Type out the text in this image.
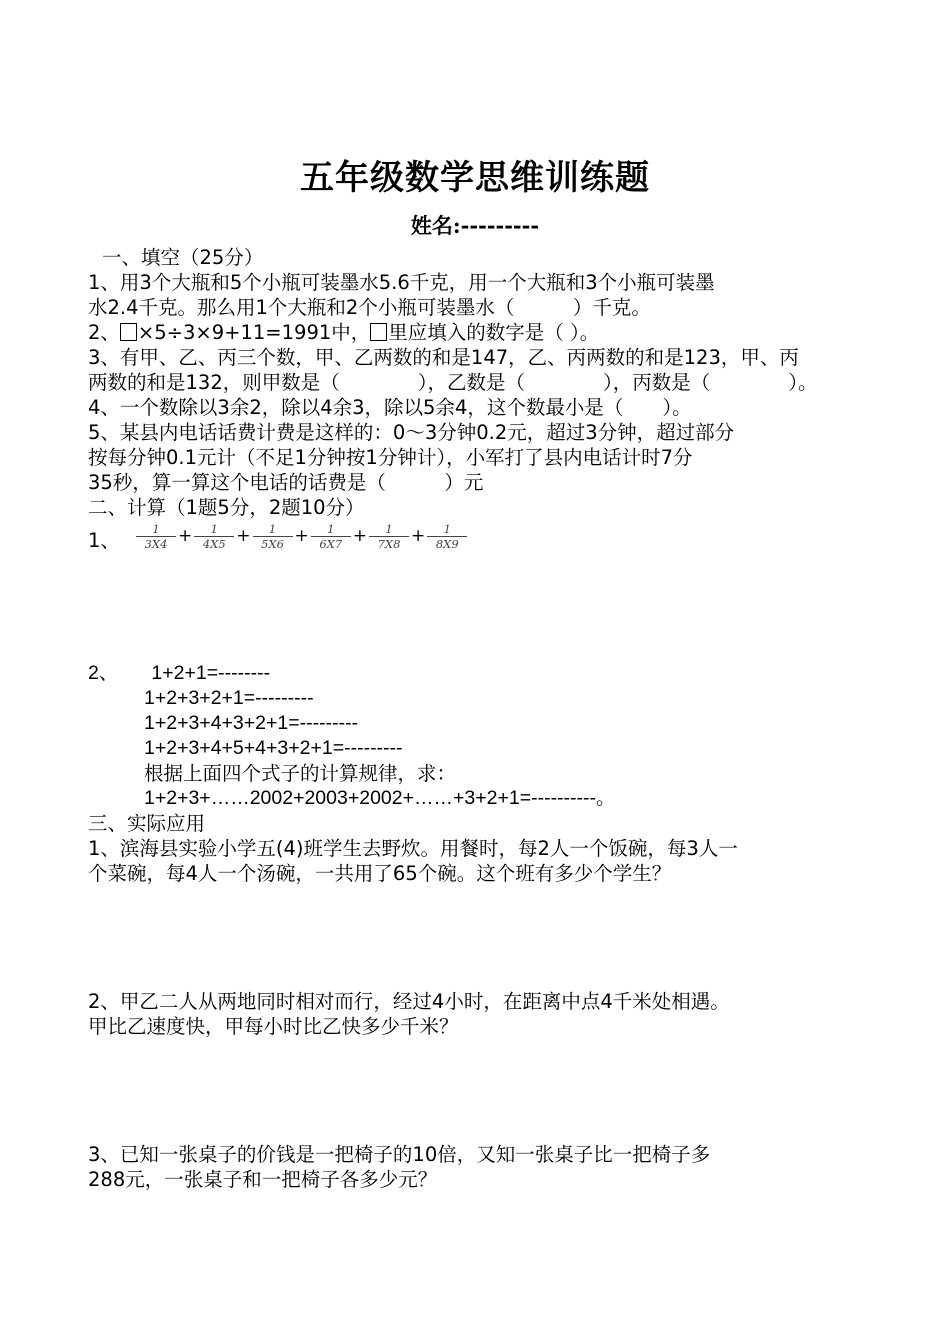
五年级数学思维训练题
姓名:---------
一、填空（25分）
1、用3个大瓶和5个小瓶可装墨水5.6千克，用一个大瓶和3个小瓶可装墨
水2.4千克。那么用1个大瓶和2个小瓶可装墨水（　　　）千克。
2、 ×5÷3×9+11=1991中， 里应填入的数字是（ ）。
3、有甲、乙、丙三个数，甲、乙两数的和是147，乙、丙两数的和是123，甲、丙
两数的和是132，则甲数是（　　　　），乙数是（　　　　），丙数是（　　　　）。
4、一个数除以3余2，除以4余3，除以5余4，这个数最小是（　　）。
5、某县内电话话费计费是这样的：0～3分钟0.2元，超过3分钟，超过部分
按每分钟0.1元计（不足1分钟按1分钟计），小军打了县内电话计时7分
35秒，算一算这个电话的话费是（　　　）元
二、计算（1题5分，2题10分）
1、 $\frac{1}{3X4} + \frac{1}{4X5} + \frac{1}{5X6} + \frac{1}{6X7} + \frac{1}{7X8} + \frac{1}{8X9}$
2、 1+2+1=--------
1+2+3+2+1=---------
1+2+3+4+3+2+1=---------
1+2+3+4+5+4+3+2+1=---------
根据上面四个式子的计算规律，求：
1+2+3+……2002+2003+2002+……+3+2+1=----------。
三、实际应用
1、滨海县实验小学五(4)班学生去野炊。用餐时，每2人一个饭碗，每3人一
个菜碗，每4人一个汤碗，一共用了65个碗。这个班有多少个学生？
2、甲乙二人从两地同时相对而行，经过4小时，在距离中点4千米处相遇。
甲比乙速度快，甲每小时比乙快多少千米？
3、已知一张桌子的价钱是一把椅子的10倍，又知一张桌子比一把椅子多
288元，一张桌子和一把椅子各多少元？
